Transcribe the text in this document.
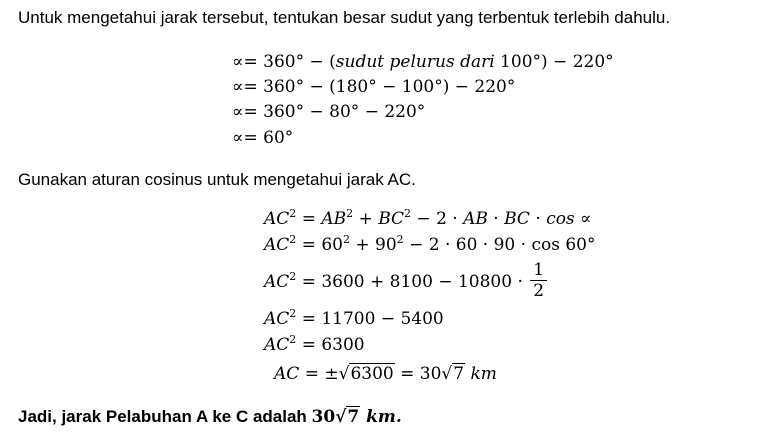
Untuk mengetahui jarak tersebut, tentukan besar sudut yang terbentuk terlebih dahulu.
∝= 360° − (sudut pelurus dari 100°) − 220°
∝= 360° − (180° − 100°) − 220°
∝= 360° − 80° − 220°
∝= 60°
Gunakan aturan cosinus untuk mengetahui jarak AC.
$AC^2 = AB^2 + BC^2 - 2$ · AB · BC · cos ∝
$AC^2 = 60^2 + 90^2 - 2 \cdot 60 \cdot 90 \cdot \cos 60^\circ$
$AC^2 = 3600 + 8100 - 10800 \cdot \frac{1}{2}$
$AC^2 = 11700 - 5400$
$AC^2 = 6300$
AC = ±√6300 = 30√7 km
Jadi, jarak Pelabuhan A ke C adalah 30√7 km.
